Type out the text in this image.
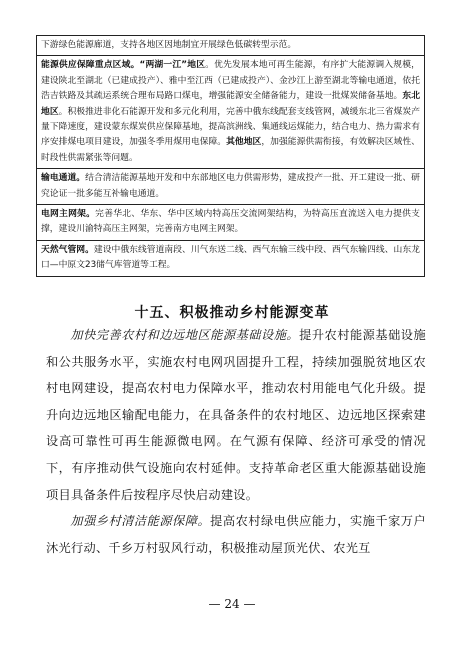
下游绿色能源廊道，支持各地区因地制宜开展绿色低碳转型示范。
能源供应保障重点区域。“两湖一江”地区。优先发展本地可再生能源，有序扩大能源调入规模，建设陕北至湖北（已建成投产）、雅中至江西（已建成投产）、金沙江上游至湖北等输电通道，依托浩吉铁路及其疏运系统合理布局路口煤电，增强能源安全储备能力，建设一批煤炭储备基地。东北地区。积极推进非化石能源开发和多元化利用，完善中俄东线配套支线管网，减缓东北三省煤炭产量下降速度，建设蒙东煤炭供应保障基地，提高滨洲线、集通线运煤能力，结合电力、热力需求有序安排煤电项目建设，加强冬季用煤用电保障。其他地区，加强能源供需衔接，有效解决区域性、时段性供需紧张等问题。
输电通道。结合清洁能源基地开发和中东部地区电力供需形势，建成投产一批、开工建设一批、研究论证一批多能互补输电通道。
电网主网架。完善华北、华东、华中区域内特高压交流网架结构，为特高压直流送入电力提供支撑，建设川渝特高压主网架，完善南方电网主网架。
天然气管网。建设中俄东线管道南段、川气东送二线、西气东输三线中段、西气东输四线、山东龙口—中原文23储气库管道等工程。
十五、积极推动乡村能源变革

加快完善农村和边远地区能源基础设施。提升农村能源基础设施和公共服务水平，实施农村电网巩固提升工程，持续加强脱贫地区农村电网建设，提高农村电力保障水平，推动农村用能电气化升级。提升向边远地区输配电能力，在具备条件的农村地区、边远地区探索建设高可靠性可再生能源微电网。在气源有保障、经济可承受的情况下，有序推动供气设施向农村延伸。支持革命老区重大能源基础设施项目具备条件后按程序尽快启动建设。

加强乡村清洁能源保障。提高农村绿电供应能力，实施千家万户沐光行动、千乡万村驭风行动，积极推动屋顶光伏、农光互

— 24 —
